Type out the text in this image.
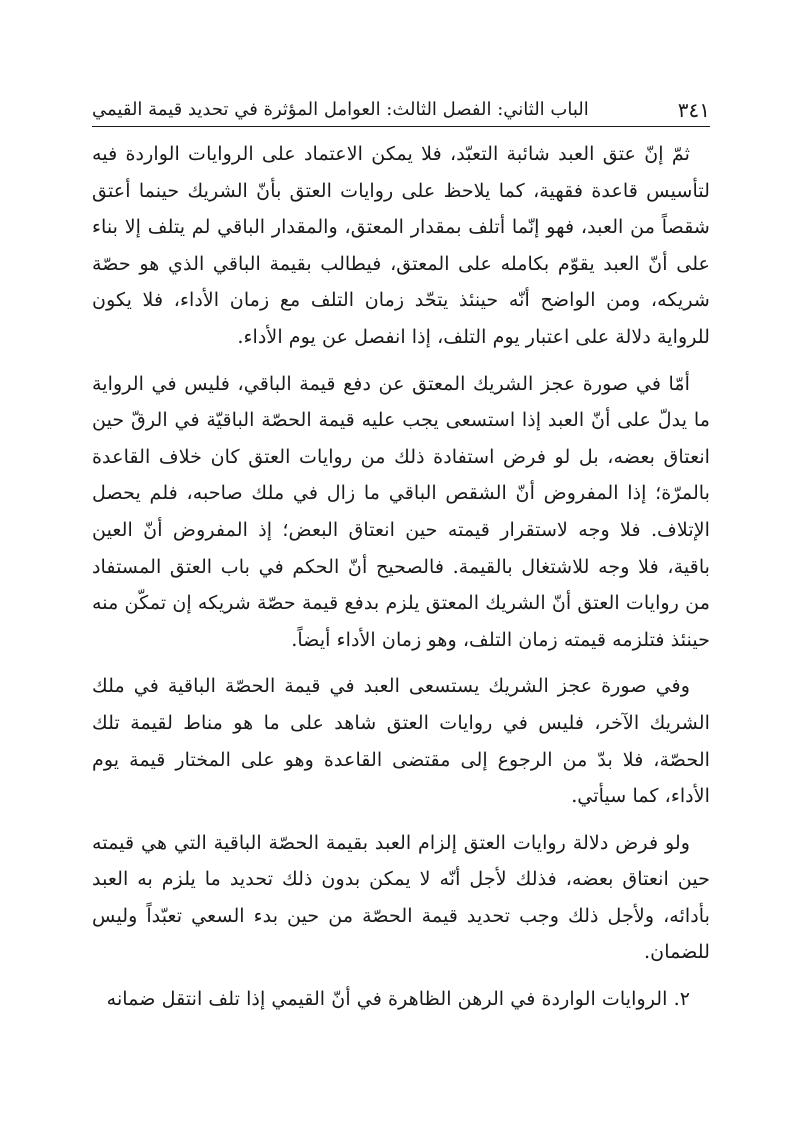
الباب الثاني: الفصل الثالث: العوامل المؤثرة في تحديد قيمة القيمي	٣٤١

ثمّ إنّ عتق العبد شائبة التعبّد، فلا يمكن الاعتماد على الروايات الواردة فيه لتأسيس قاعدة فقهية، كما يلاحظ على روايات العتق بأنّ الشريك حينما أعتق شقصاً من العبد، فهو إنّما أتلف بمقدار المعتق، والمقدار الباقي لم يتلف إلا بناء على أنّ العبد يقوّم بكامله على المعتق، فيطالب بقيمة الباقي الذي هو حصّة شريكه، ومن الواضح أنّه حينئذ يتحّد زمان التلف مع زمان الأداء، فلا يكون للرواية دلالة على اعتبار يوم التلف، إذا انفصل عن يوم الأداء.

أمّا في صورة عجز الشريك المعتق عن دفع قيمة الباقي، فليس في الرواية ما يدلّ على أنّ العبد إذا استسعى يجب عليه قيمة الحصّة الباقيّة في الرقّ حين انعتاق بعضه، بل لو فرض استفادة ذلك من روايات العتق كان خلاف القاعدة بالمرّة؛ إذا المفروض أنّ الشقص الباقي ما زال في ملك صاحبه، فلم يحصل الإتلاف. فلا وجه لاستقرار قيمته حين انعتاق البعض؛ إذ المفروض أنّ العين باقية، فلا وجه للاشتغال بالقيمة. فالصحيح أنّ الحكم في باب العتق المستفاد من روايات العتق أنّ الشريك المعتق يلزم بدفع قيمة حصّة شريكه إن تمكّن منه حينئذ فتلزمه قيمته زمان التلف، وهو زمان الأداء أيضاً.

وفي صورة عجز الشريك يستسعى العبد في قيمة الحصّة الباقية في ملك الشريك الآخر، فليس في روايات العتق شاهد على ما هو مناط لقيمة تلك الحصّة، فلا بدّ من الرجوع إلى مقتضى القاعدة وهو على المختار قيمة يوم الأداء، كما سيأتي.

ولو فرض دلالة روايات العتق إلزام العبد بقيمة الحصّة الباقية التي هي قيمته حين انعتاق بعضه، فذلك لأجل أنّه لا يمكن بدون ذلك تحديد ما يلزم به العبد بأدائه، ولأجل ذلك وجب تحديد قيمة الحصّة من حين بدء السعي تعبّداً وليس للضمان.

٢. الروايات الواردة في الرهن الظاهرة في أنّ القيمي إذا تلف انتقل ضمانه
